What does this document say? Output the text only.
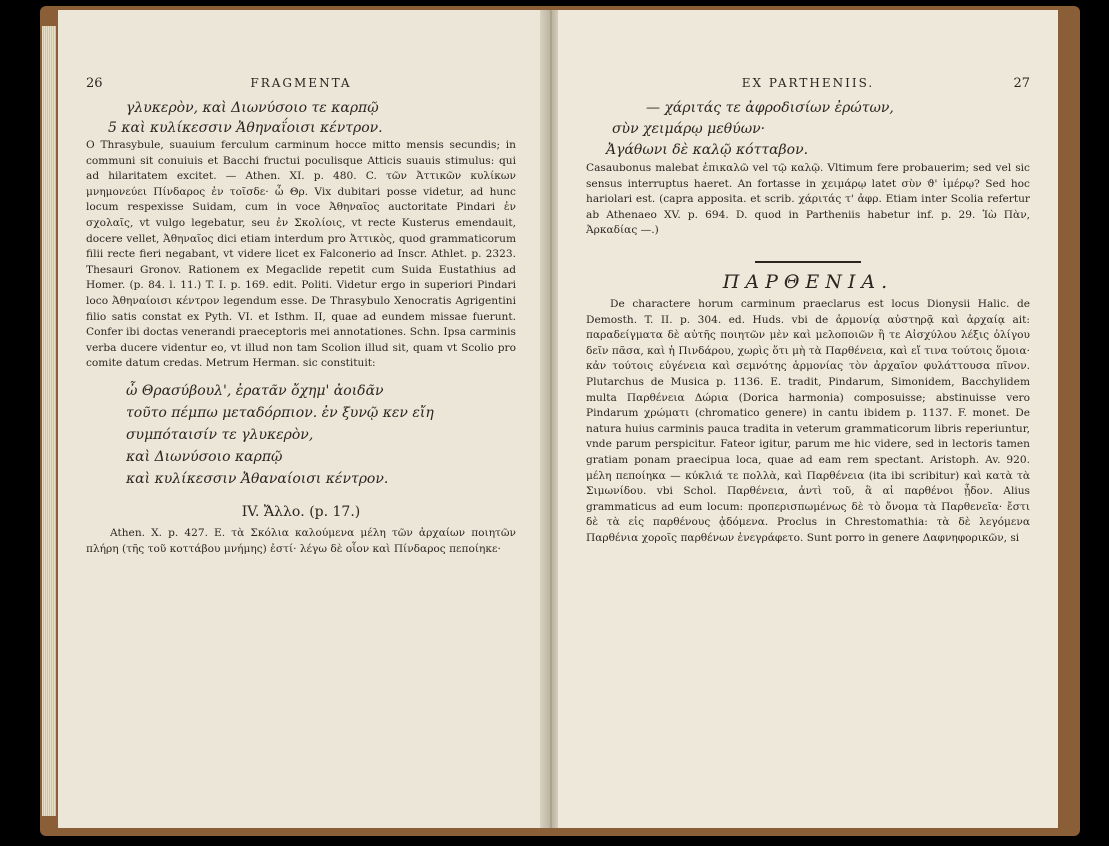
26	FRAGMENTA
γλυκερὸν, καὶ Διωνύσοιο τε καρπῷ
5 καὶ κυλίκεσσιν Ἀθηναΐοισι κέντρον.

O Thrasybule, suauium ferculum carminum hocce mitto mensis secundis; in communi sit conuiuis et Bacchi fructui poculisque Atticis suauis stimulus: qui ad hilaritatem excitet. — Athen. XI. p. 480. C. τῶν Ἀττικῶν κυλίκων μνημονεύει Πίνδαρος ἐν τοῖσδε· ὦ Θρ. Vix dubitari posse videtur, ad hunc locum respexisse Suidam, cum in voce Ἀθηναῖος auctoritate Pindari ἐν σχολαῖς, vt vulgo legebatur, seu ἐν Σκολίοις, vt recte Kusterus emendauit, docere vellet, Ἀθηναῖος dici etiam interdum pro Ἀττικὸς, quod grammaticorum filii recte fieri negabant, vt videre licet ex Falconerio ad Inscr. Athlet. p. 2323. Thesauri Gronov. Rationem ex Megaclide repetit cum Suida Eustathius ad Homer. (p. 84. l. 11.) T. I. p. 169. edit. Politi. Videtur ergo in superiori Pindari loco Ἀθηναίοισι κέντρον legendum esse. De Thrasybulo Xenocratis Agrigentini filio satis constat ex Pyth. VI. et Isthm. II, quae ad eundem missae fuerunt. Confer ibi doctas venerandi praeceptoris mei annotationes. Schn. Ipsa carminis verba ducere videntur eo, vt illud non tam Scolion illud sit, quam vt Scolio pro comite datum credas. Metrum Herman. sic constituit:

ὦ Θρασύβουλ', ἐρατᾶν ὄχημ' ἀοιδᾶν
τοῦτο πέμπω μεταδόρπιον. ἐν ξυνῷ κεν εἴη
συμπόταισίν τε γλυκερὸν,
καὶ Διωνύσοιο καρπῷ
καὶ κυλίκεσσιν Ἀθαναίοισι κέντρον.
IV. Ἄλλο. (p. 17.)
Athen. X. p. 427. E. τὰ Σκόλια καλούμενα μέλη τῶν ἀρχαίων ποιητῶν πλήρη (τῆς τοῦ κοττάβου μνήμης) ἐστί· λέγω δὲ οἷον καὶ Πίνδαρος πεποίηκε·
EX PARTHENIIS.	27
— χάριτάς τε ἀφροδισίων ἐρώτων,
σὺν χειμάρῳ μεθύων·
Ἀγάθωνι δὲ καλῷ κότταβον.
Casaubonus malebat ἐπικαλῶ vel τῷ καλῷ. Vltimum fere probauerim; sed vel sic sensus interruptus haeret. An fortasse in χειμάρῳ latet σὺν ϑ' ἱμέρῳ? Sed hoc hariolari est. (capra apposita. et scrib. χάριτάς τ' ἀφρ. Etiam inter Scolia refertur ab Athenaeo XV. p. 694. D. quod in Partheniis habetur inf. p. 29. Ἰὼ Πὰν, Ἀρκαδίας —.)
ΠΑΡΘΕΝΙΑ.
De charactere horum carminum praeclarus est locus Dionysii Halic. de Demosth. T. II. p. 304. ed. Huds. vbi de ἁρμονίᾳ αὐστηρᾷ καὶ ἀρχαίᾳ ait: παραδείγματα δὲ αὐτῆς ποιητῶν μὲν καὶ μελοποιῶν ἢ τε Αἰσχύλου λέξις ὀλίγου δεῖν πᾶσα, καὶ ἡ Πινδάρου, χωρὶς ὅτι μὴ τὰ Παρθένεια, καὶ εἴ τινα τούτοις ὅμοια· κἀν τούτοις εὐγένεια καὶ σεμνότης ἁρμονίας τὸν ἀρχαῖον φυλάττουσα πῖνον. Plutarchus de Musica p. 1136. E. tradit, Pindarum, Simonidem, Bacchylidem multa Παρθένεια Δώρια (Dorica harmonia) composuisse; abstinuisse vero Pindarum χρώματι (chromatico genere) in cantu ibidem p. 1137. F. monet. De natura huius carminis pauca tradita in veterum grammaticorum libris reperiuntur, vnde parum perspicitur. Fateor igitur, parum me hic videre, sed in lectoris tamen gratiam ponam praecipua loca, quae ad eam rem spectant. Aristoph. Av. 920. μέλη πεποίηκα — κύκλιά τε πολλὰ, καὶ Παρθένεια (ita ibi scribitur) καὶ κατὰ τὰ Σιμωνίδου. vbi Schol. Παρθένεια, ἀντὶ τοῦ, ἃ αἱ παρθένοι ᾖδον. Alius grammaticus ad eum locum: προπερισπωμένως δὲ τὸ ὄνομα τὰ Παρθενεῖα· ἔστι δὲ τὰ εἰς παρθένους ᾀδόμενα. Proclus in Chrestomathia: τὰ δὲ λεγόμενα Παρθένια χοροῖς παρθένων ἐνεγράφετο. Sunt porro in genere Δαφνηφορικῶν, si
